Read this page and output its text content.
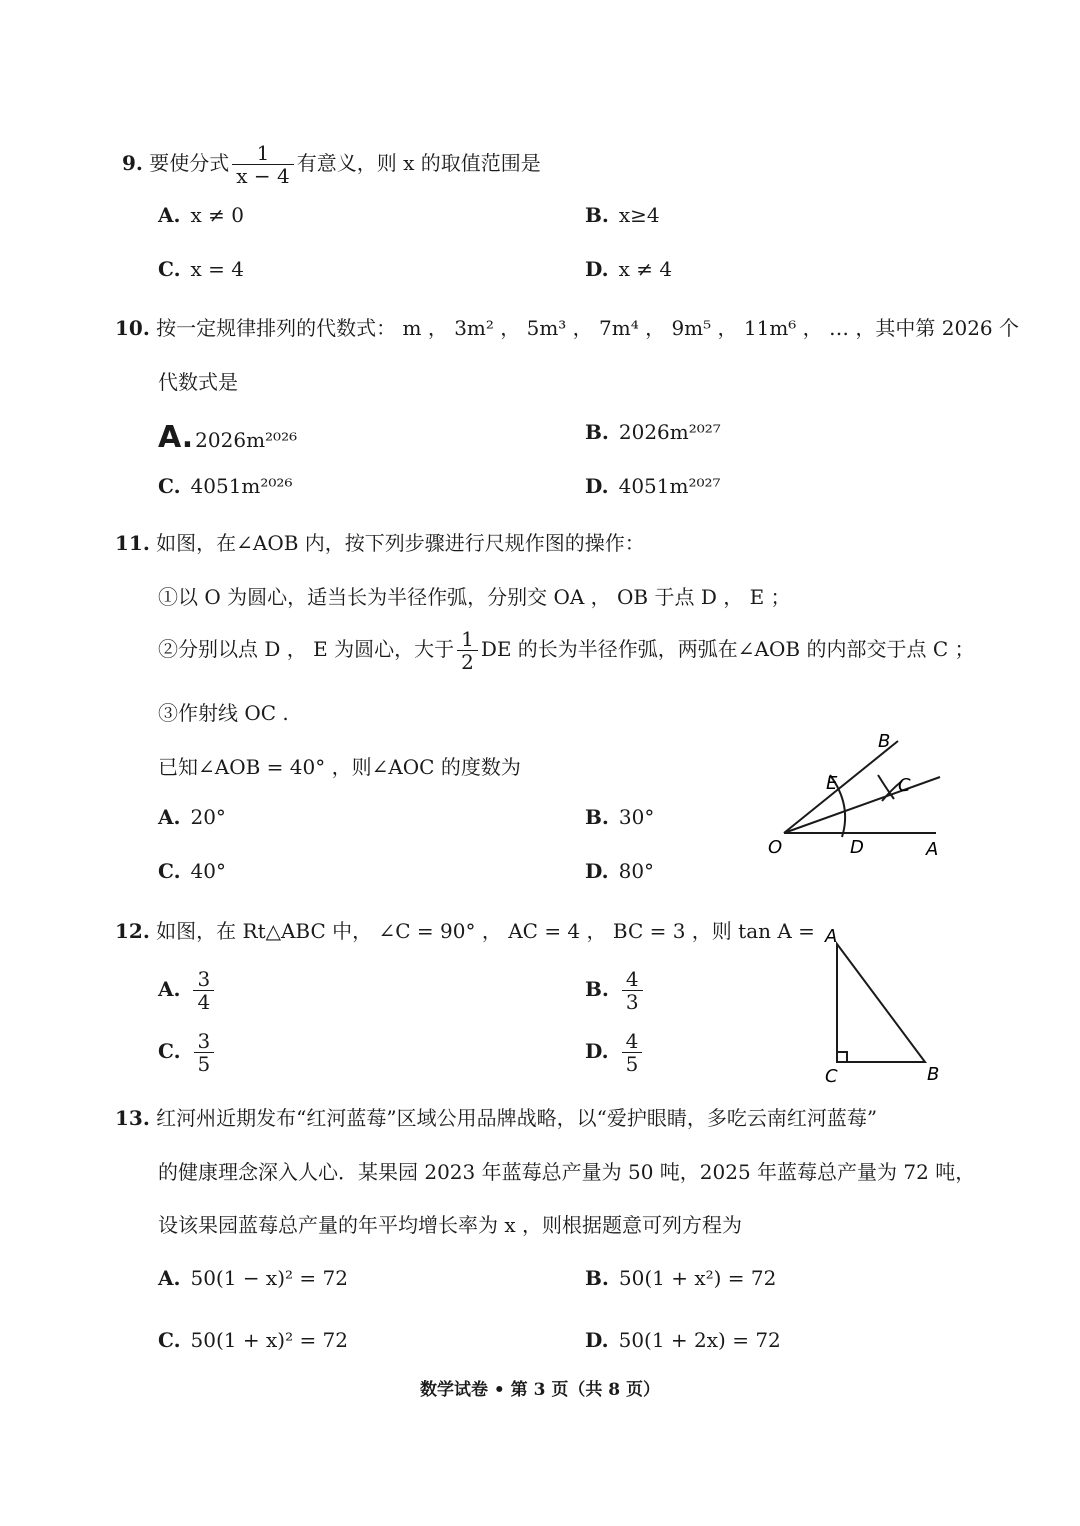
9. 要使分式 $\frac{1}{x - 4}$ 有意义，则 x 的取值范围是
A. x ≠ 0	B. x≥4
C. x = 4	D. x ≠ 4
10. 按一定规律排列的代数式： m ， 3m² ， 5m³ ， 7m⁴ ， 9m⁵ ， 11m⁶ ， … ，其中第 2026 个
代数式是
A. 2026m²⁰²⁶	B. 2026m²⁰²⁷
C. 4051m²⁰²⁶	D. 4051m²⁰²⁷
11. 如图，在∠AOB 内，按下列步骤进行尺规作图的操作：
①以 O 为圆心，适当长为半径作弧，分别交 OA ， OB 于点 D ， E ；
②分别以点 D ， E 为圆心，大于 $\frac{1}{2}$ DE 的长为半径作弧，两弧在∠AOB 的内部交于点 C ；
③作射线 OC .
已知∠AOB = 40° ，则∠AOC 的度数为
A. 20°	B. 30°
C. 40°	D. 80°
B
E	C
O	D	A
12. 如图，在 Rt△ABC 中， ∠C = 90° ， AC = 4 ， BC = 3 ，则 tan A =
A. $\frac{3}{4}$	B. $\frac{4}{3}$
C. $\frac{3}{5}$	D. $\frac{4}{5}$
A
C	B
13. 红河州近期发布“红河蓝莓”区域公用品牌战略，以“爱护眼睛，多吃云南红河蓝莓”
的健康理念深入人心．某果园 2023 年蓝莓总产量为 50 吨，2025 年蓝莓总产量为 72 吨，
设该果园蓝莓总产量的年平均增长率为 x ，则根据题意可列方程为
A. 50(1 − x)² = 72	B. 50(1 + x²) = 72
C. 50(1 + x)² = 72	D. 50(1 + 2x) = 72
数学试卷 • 第 3 页（共 8 页）
